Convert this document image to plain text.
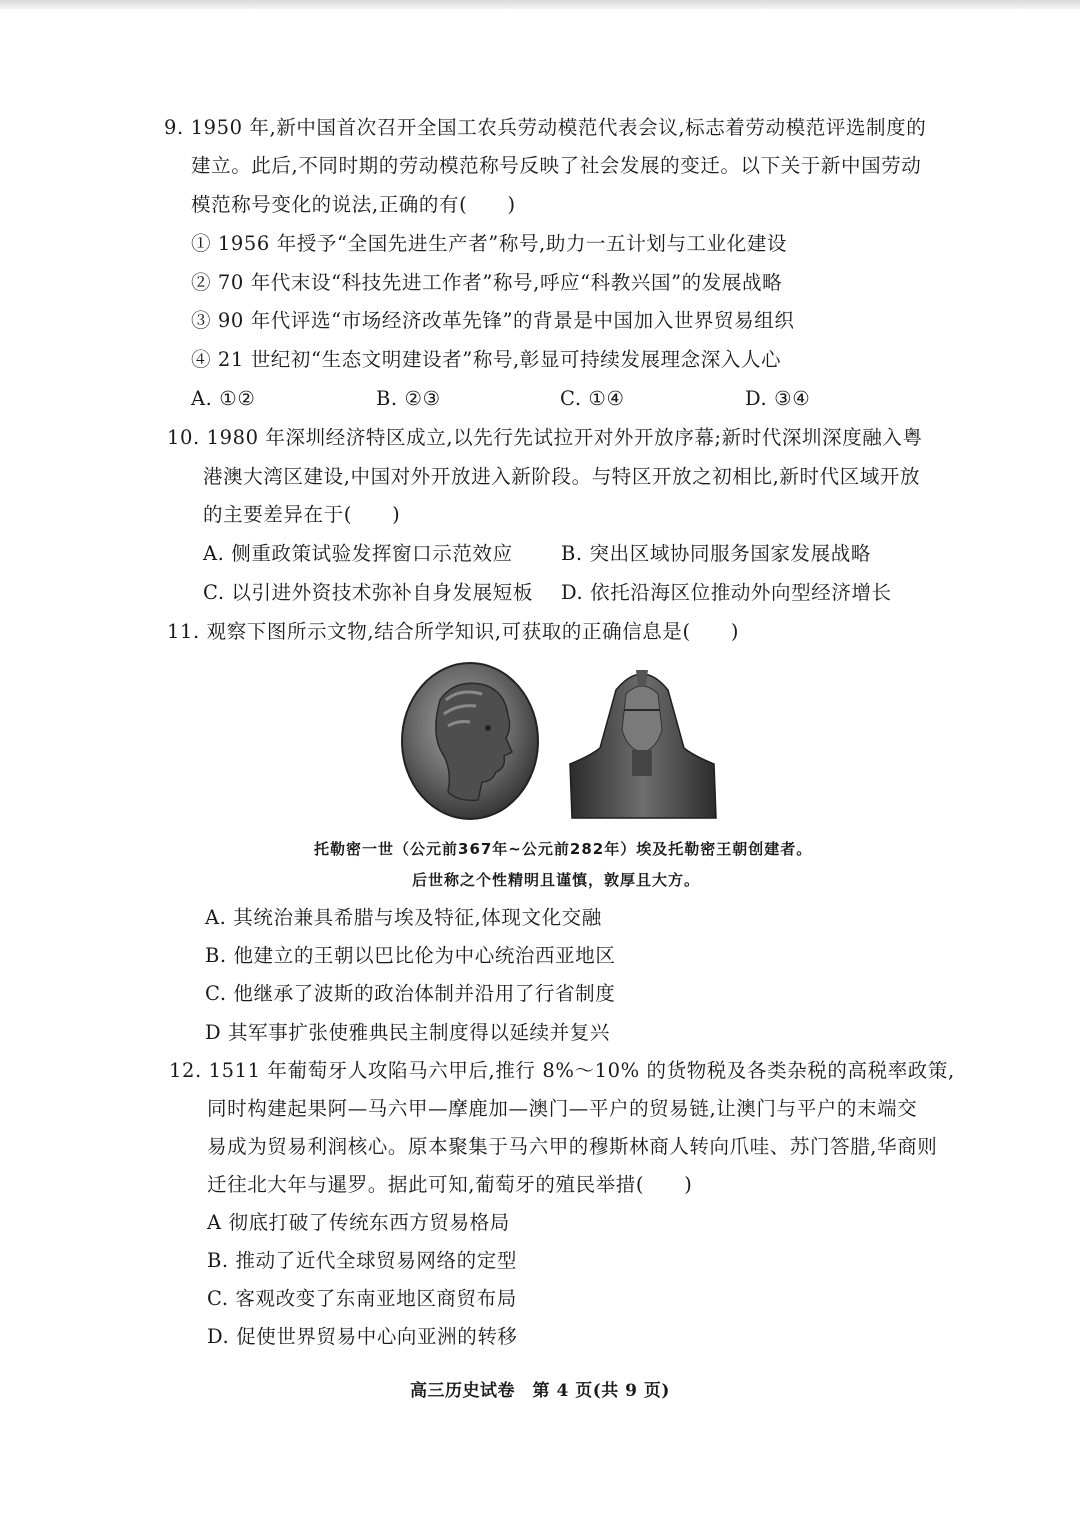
9. 1950 年,新中国首次召开全国工农兵劳动模范代表会议,标志着劳动模范评选制度的
建立。此后,不同时期的劳动模范称号反映了社会发展的变迁。以下关于新中国劳动
模范称号变化的说法,正确的有(　　)
① 1956 年授予“全国先进生产者”称号,助力一五计划与工业化建设
② 70 年代末设“科技先进工作者”称号,呼应“科教兴国”的发展战略
③ 90 年代评选“市场经济改革先锋”的背景是中国加入世界贸易组织
④ 21 世纪初“生态文明建设者”称号,彰显可持续发展理念深入人心
A. ①②	B. ②③	C. ①④	D. ③④
10. 1980 年深圳经济特区成立,以先行先试拉开对外开放序幕;新时代深圳深度融入粤
港澳大湾区建设,中国对外开放进入新阶段。与特区开放之初相比,新时代区域开放
的主要差异在于(　　)
A. 侧重政策试验发挥窗口示范效应 B. 突出区域协同服务国家发展战略
C. 以引进外资技术弥补自身发展短板 D. 依托沿海区位推动外向型经济增长
11. 观察下图所示文物,结合所学知识,可获取的正确信息是(　　)
托勒密一世（公元前367年~公元前282年）埃及托勒密王朝创建者。
后世称之个性精明且谨慎，敦厚且大方。
A. 其统治兼具希腊与埃及特征,体现文化交融
B. 他建立的王朝以巴比伦为中心统治西亚地区
C. 他继承了波斯的政治体制并沿用了行省制度
D 其军事扩张使雅典民主制度得以延续并复兴
12. 1511 年葡萄牙人攻陷马六甲后,推行 8%～10% 的货物税及各类杂税的高税率政策,
同时构建起果阿—马六甲—摩鹿加—澳门—平户的贸易链,让澳门与平户的末端交
易成为贸易利润核心。原本聚集于马六甲的穆斯林商人转向爪哇、苏门答腊,华商则
迁往北大年与暹罗。据此可知,葡萄牙的殖民举措(　　)
A 彻底打破了传统东西方贸易格局
B. 推动了近代全球贸易网络的定型
C. 客观改变了东南亚地区商贸布局
D. 促使世界贸易中心向亚洲的转移
高三历史试卷　第 4 页(共 9 页)
